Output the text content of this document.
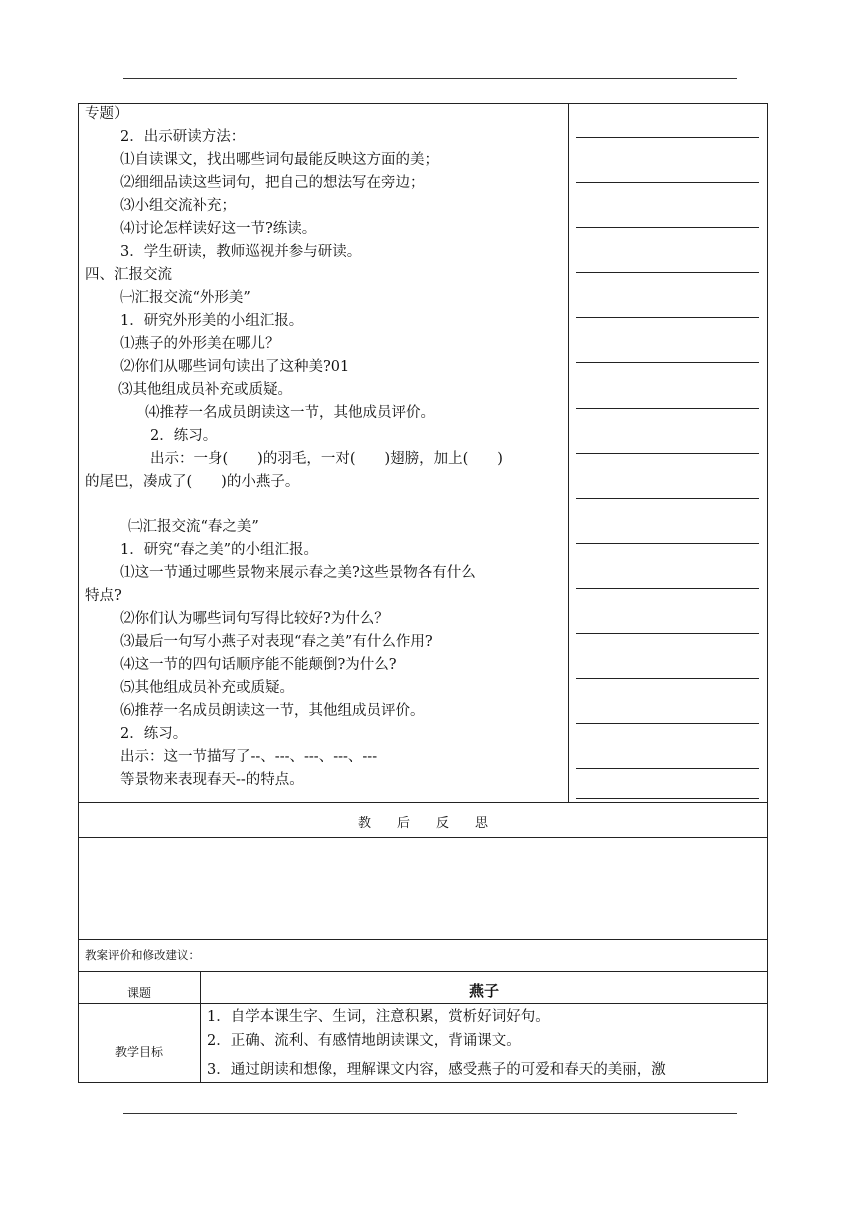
专题）
2．出示研读方法：
⑴自读课文，找出哪些词句最能反映这方面的美；
⑵细细品读这些词句，把自己的想法写在旁边；
⑶小组交流补充；
⑷讨论怎样读好这一节?练读。
3．学生研读，教师巡视并参与研读。
四、汇报交流
㈠汇报交流“外形美”
1．研究外形美的小组汇报。
⑴燕子的外形美在哪儿？
⑵你们从哪些词句读出了这种美?01
⑶其他组成员补充或质疑。
⑷推荐一名成员朗读这一节，其他成员评价。
2．练习。
出示：一身(　　)的羽毛，一对(　　)翅膀，加上(　　)
的尾巴，凑成了(　　)的小燕子。
㈡汇报交流“春之美”
1．研究“春之美”的小组汇报。
⑴这一节通过哪些景物来展示春之美?这些景物各有什么
特点?
⑵你们认为哪些词句写得比较好?为什么？
⑶最后一句写小燕子对表现“春之美”有什么作用?
⑷这一节的四句话顺序能不能颠倒?为什么?
⑸其他组成员补充或质疑。
⑹推荐一名成员朗读这一节，其他组成员评价。
2．练习。
出示：这一节描写了--、---、---、---、---
等景物来表现春天--的特点。
教　　后　　反　　思
教案评价和修改建议：
课题	燕子
教学目标
1．自学本课生字、生词，注意积累，赏析好词好句。
2．正确、流利、有感情地朗读课文，背诵课文。
3．通过朗读和想像，理解课文内容，感受燕子的可爱和春天的美丽，激
